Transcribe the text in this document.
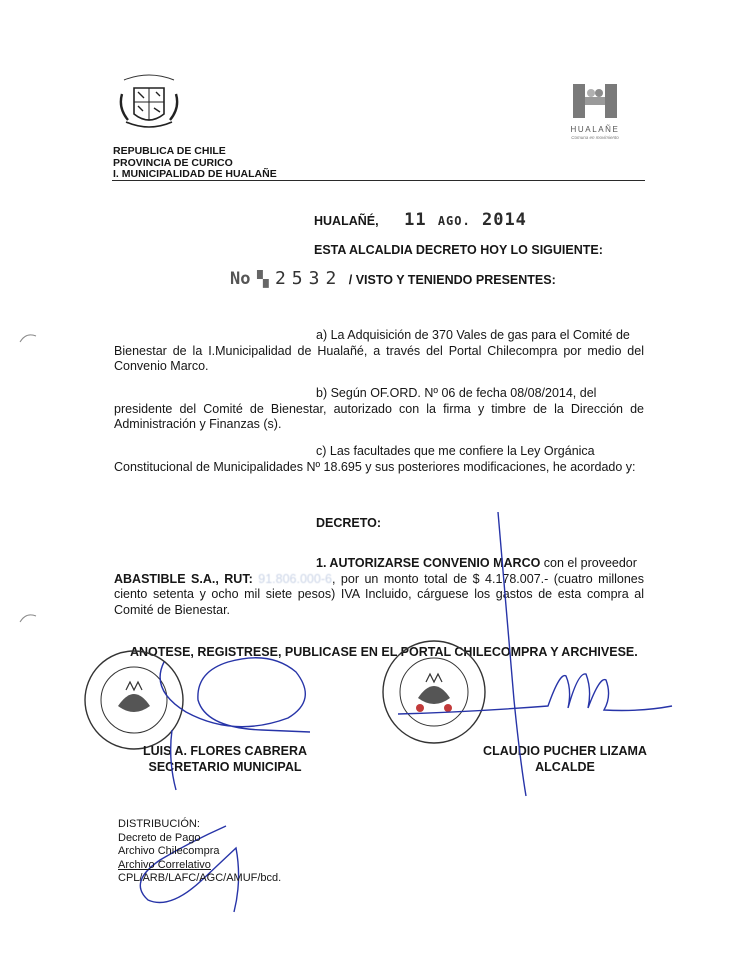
HUALAÑE
Comuna en movimiento
REPUBLICA DE CHILE
PROVINCIA DE CURICO
I. MUNICIPALIDAD DE HUALAÑE
HUALAÑÉ, 11 AGO. 2014
ESTA ALCALDIA DECRETO HOY LO SIGUIENTE:
No ▚ 2532 / VISTO Y TENIENDO PRESENTES:
a) La Adquisición de 370 Vales de gas para el Comité de
Bienestar de la I.Municipalidad de Hualañé, a través del Portal Chilecompra por medio del Convenio Marco.
b) Según OF.ORD. Nº 06 de fecha 08/08/2014, del
presidente del Comité de Bienestar, autorizado con la firma y timbre de la Dirección de Administración y Finanzas (s).
c) Las facultades que me confiere la Ley Orgánica
Constitucional de Municipalidades Nº 18.695 y sus posteriores modificaciones, he acordado y:
DECRETO:
1. AUTORIZARSE CONVENIO MARCO con el proveedor
ABASTIBLE S.A., RUT: 91.806.000-6, por un monto total de $ 4.178.007.- (cuatro millones ciento setenta y ocho mil siete pesos) IVA Incluido, cárguese los gastos de esta compra al Comité de Bienestar.
ANOTESE, REGISTRESE, PUBLICASE EN EL PORTAL CHILECOMPRA Y ARCHIVESE.
LUIS A. FLORES CABRERA
SECRETARIO MUNICIPAL
CLAUDIO PUCHER LIZAMA
ALCALDE
DISTRIBUCIÓN:
Decreto de Pago
Archivo Chilecompra
Archivo Correlativo
CPL/ARB/LAFC/AGC/AMUF/bcd.
